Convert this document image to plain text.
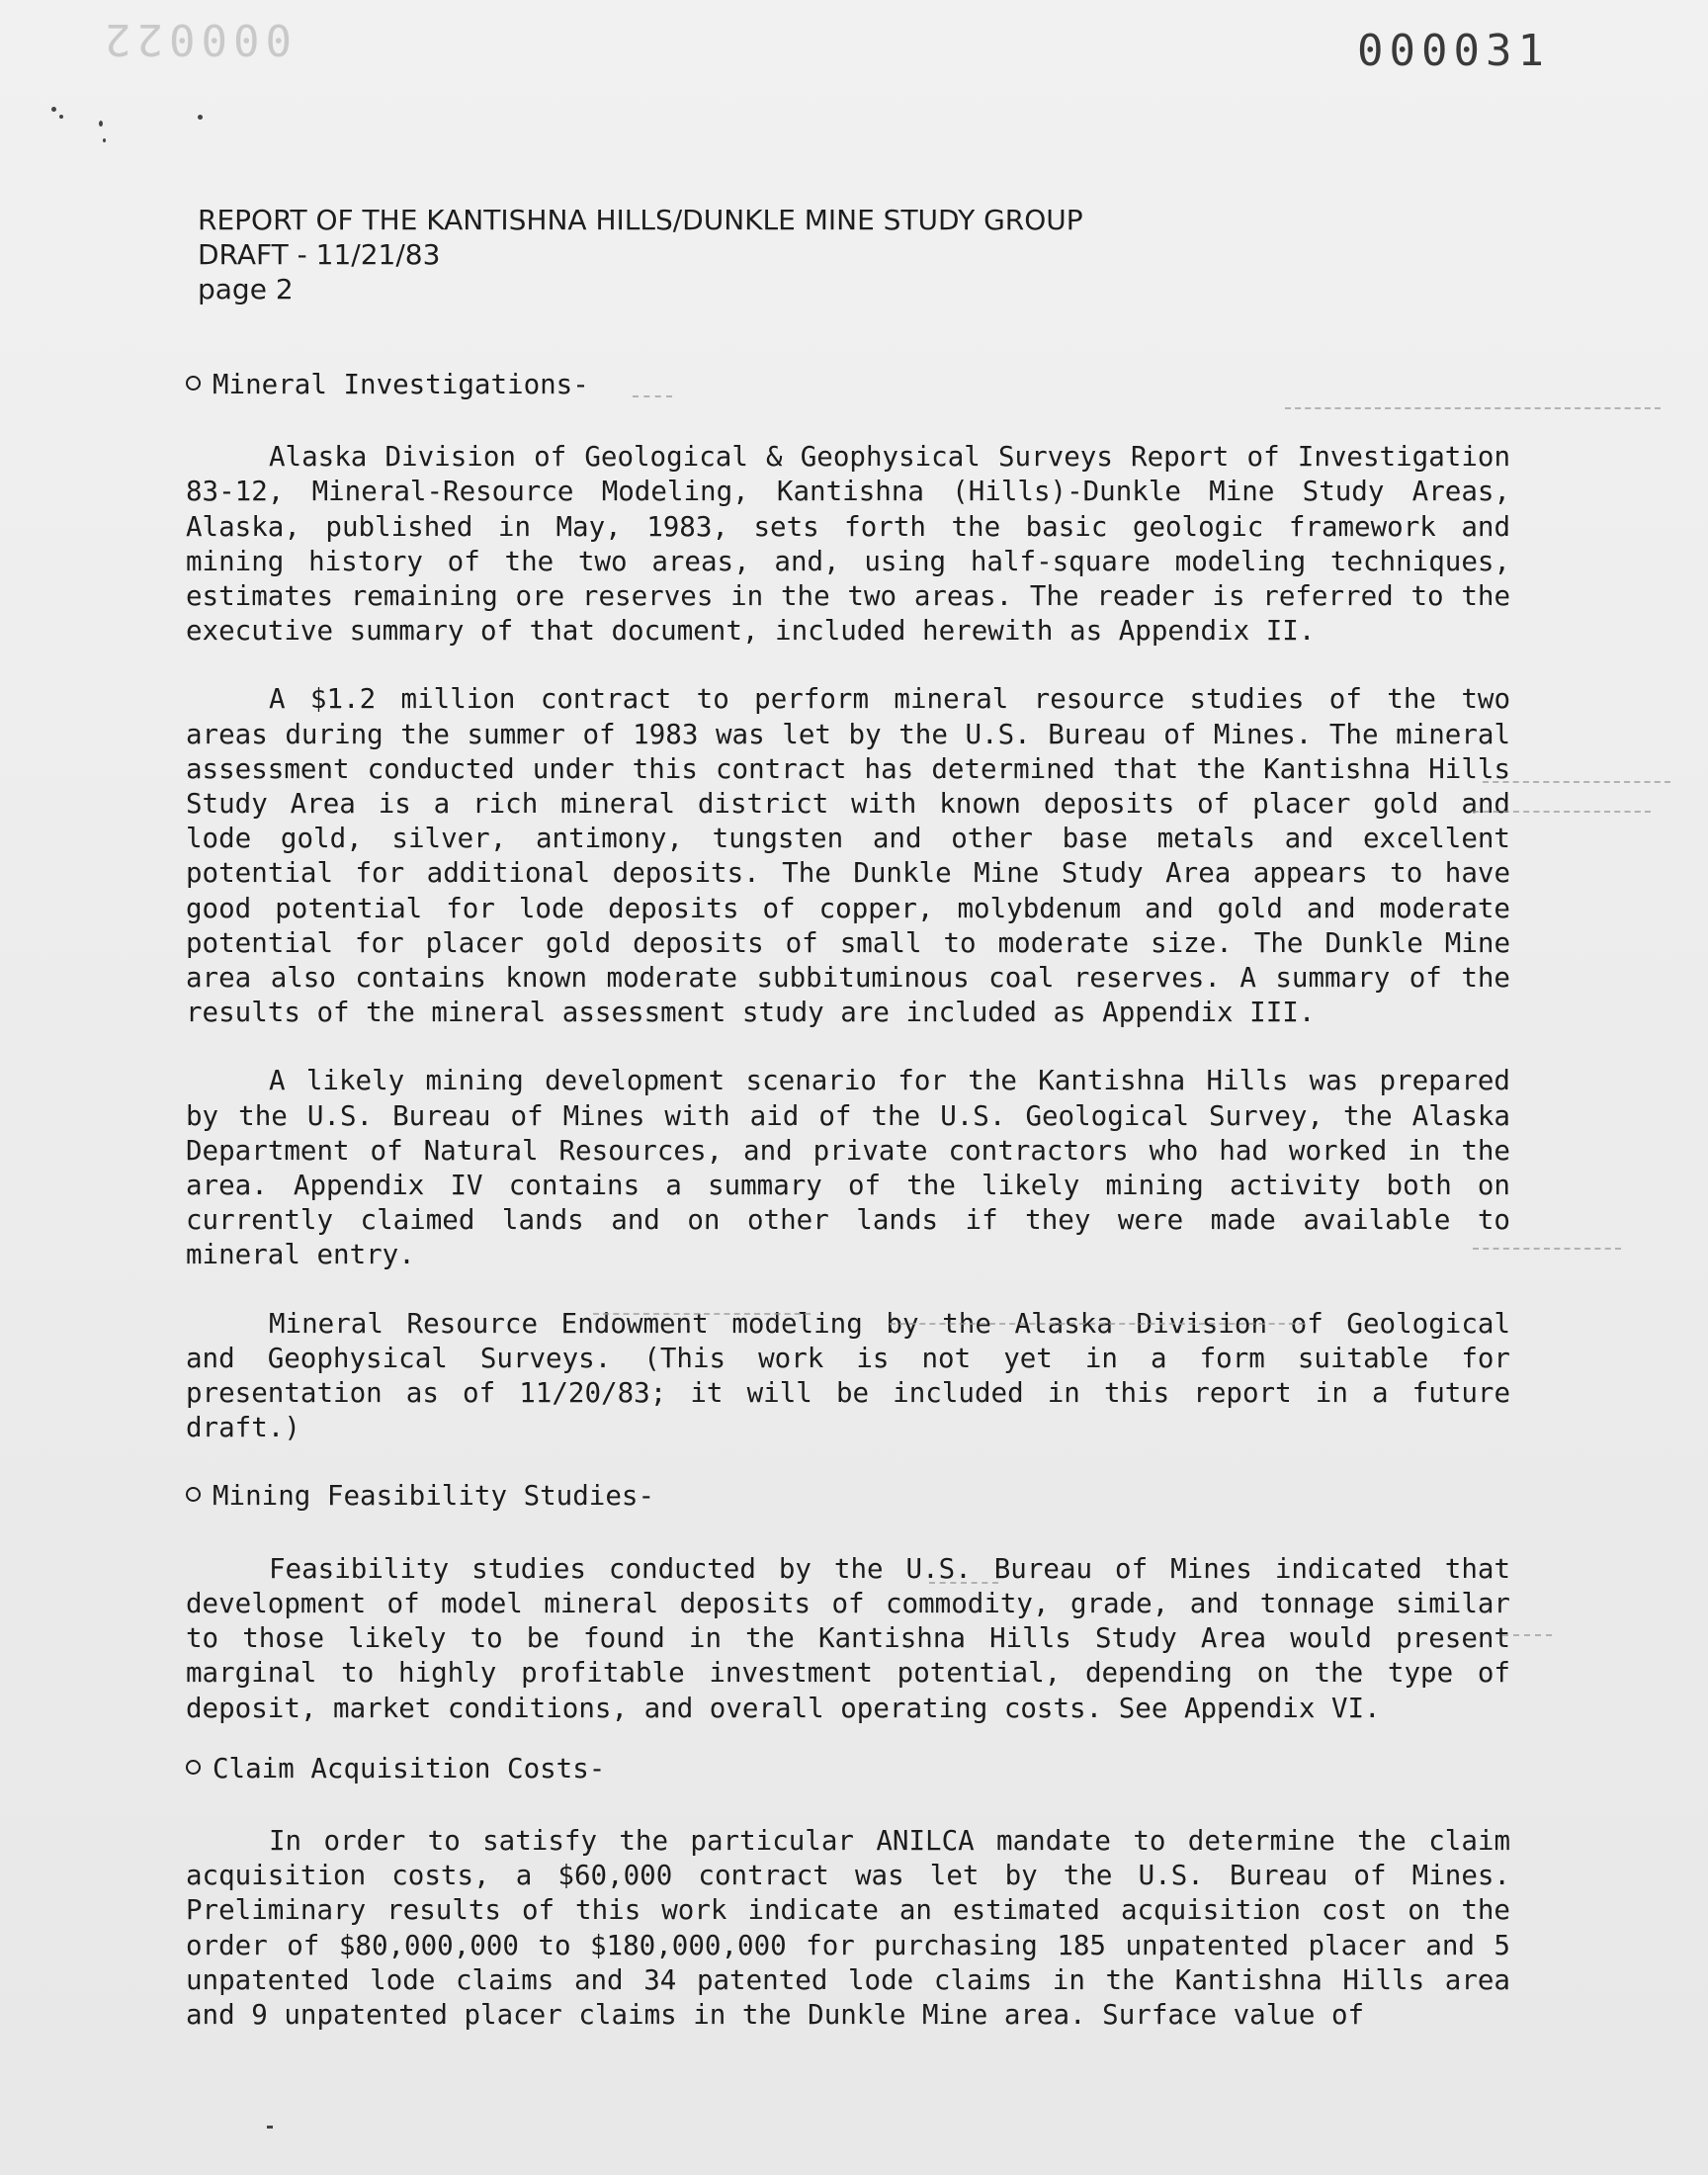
000022	000031
REPORT OF THE KANTISHNA HILLS/DUNKLE MINE STUDY GROUP
DRAFT - 11/21/83
page 2
Mineral Investigations-

Alaska Division of Geological & Geophysical Surveys Report of Investigation 83-12, Mineral-Resource Modeling, Kantishna (Hills)-Dunkle Mine Study Areas, Alaska, published in May, 1983, sets forth the basic geologic framework and mining history of the two areas, and, using half-square modeling techniques, estimates remaining ore reserves in the two areas. The reader is referred to the executive summary of that document, included herewith as Appendix II.

A $1.2 million contract to perform mineral resource studies of the two areas during the summer of 1983 was let by the U.S. Bureau of Mines. The mineral assessment conducted under this contract has determined that the Kantishna Hills Study Area is a rich mineral district with known deposits of placer gold and lode gold, silver, antimony, tungsten and other base metals and excellent potential for additional deposits. The Dunkle Mine Study Area appears to have good potential for lode deposits of copper, molybdenum and gold and moderate potential for placer gold deposits of small to moderate size. The Dunkle Mine area also contains known moderate subbituminous coal reserves. A summary of the results of the mineral assessment study are included as Appendix III.

A likely mining development scenario for the Kantishna Hills was prepared by the U.S. Bureau of Mines with aid of the U.S. Geological Survey, the Alaska Department of Natural Resources, and private contractors who had worked in the area. Appendix IV contains a summary of the likely mining activity both on currently claimed lands and on other lands if they were made available to mineral entry.

Mineral Resource Endowment modeling by the Alaska Division of Geological and Geophysical Surveys. (This work is not yet in a form suitable for presentation as of 11/20/83; it will be included in this report in a future draft.)

Mining Feasibility Studies-

Feasibility studies conducted by the U.S. Bureau of Mines indicated that development of model mineral deposits of commodity, grade, and tonnage similar to those likely to be found in the Kantishna Hills Study Area would present marginal to highly profitable investment potential, depending on the type of deposit, market conditions, and overall operating costs. See Appendix VI.

Claim Acquisition Costs-

In order to satisfy the particular ANILCA mandate to determine the claim acquisition costs, a $60,000 contract was let by the U.S. Bureau of Mines. Preliminary results of this work indicate an estimated acquisition cost on the order of $80,000,000 to $180,000,000 for purchasing 185 unpatented placer and 5 unpatented lode claims and 34 patented lode claims in the Kantishna Hills area and 9 unpatented placer claims in the Dunkle Mine area. Surface value of
